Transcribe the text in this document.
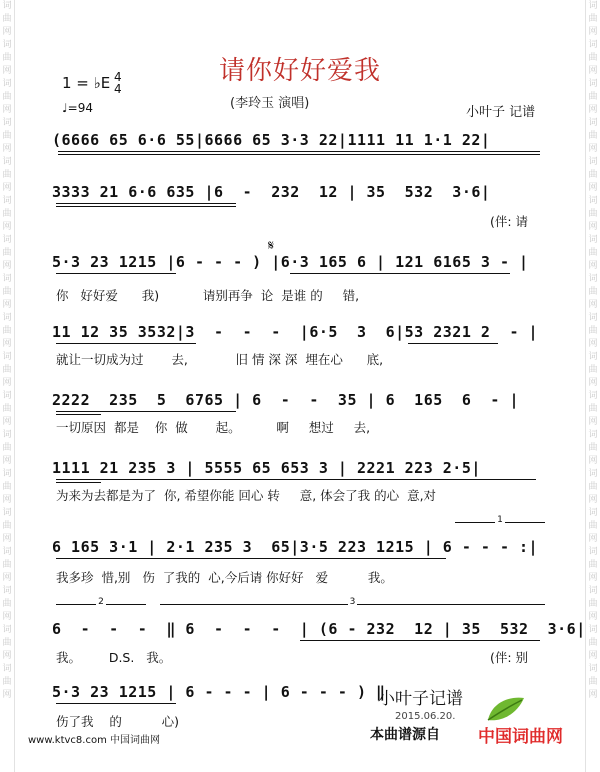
词曲网词曲网词曲网词曲网词曲网词曲网词曲网词曲网词曲网词曲网词曲网词曲网词曲网词曲网词曲网词曲网词曲网词曲网
词曲网词曲网词曲网词曲网词曲网词曲网词曲网词曲网词曲网词曲网词曲网词曲网词曲网词曲网词曲网词曲网词曲网词曲网
请你好好爱我
(李玲玉 演唱)
1 = ♭E 4
4
♩=94	小叶子 记谱
𝄋
(6666 65 6·6 55|6666 65 3·3 22|1111 11 1·1 22|
3333 21 6·6 635 |6  -  232  12 | 35  532  3·6|
(伴: 请
5·3 23 1215 |6 - - - ) |6·3 165 6 | 121 6165 3 - |
你   好好爱      我)           请别再争  论  是谁 的     错,
11 12 35 3532|3  -  -  -  |6·5  3  6|53 2321 2  - |
就让一切成为过       去,            旧 情 深 深  埋在心      底,
2222  235  5  6765 | 6  -  -  35 | 6  165  6  - |
一切原因  都是    你  做       起。         啊     想过     去,
1111 21 235 3 | 5555 65 653 3 | 2221 223 2·5|
为来为去都是为了  你, 希望你能 回心 转     意, 体会了我 的心  意,对
1
6 165 3·1 | 2·1 235 3  65|3·5 223 1215 | 6 - - - :|
我多珍  惜,别   伤  了我的  心,今后请 你好好   爱          我。
2	3
6  -  -  -  ‖ 6  -  -  -  | (6 - 232  12 | 35  532  3·6|
我。       D.S.   我。	(伴: 别
5·3 23 1215 | 6 - - - | 6 - - - ) ‖
伤了我    的          心)
小叶子记谱
2015.06.20.
本曲谱源自 中国词曲网
www.ktvc8.com 中国词曲网
